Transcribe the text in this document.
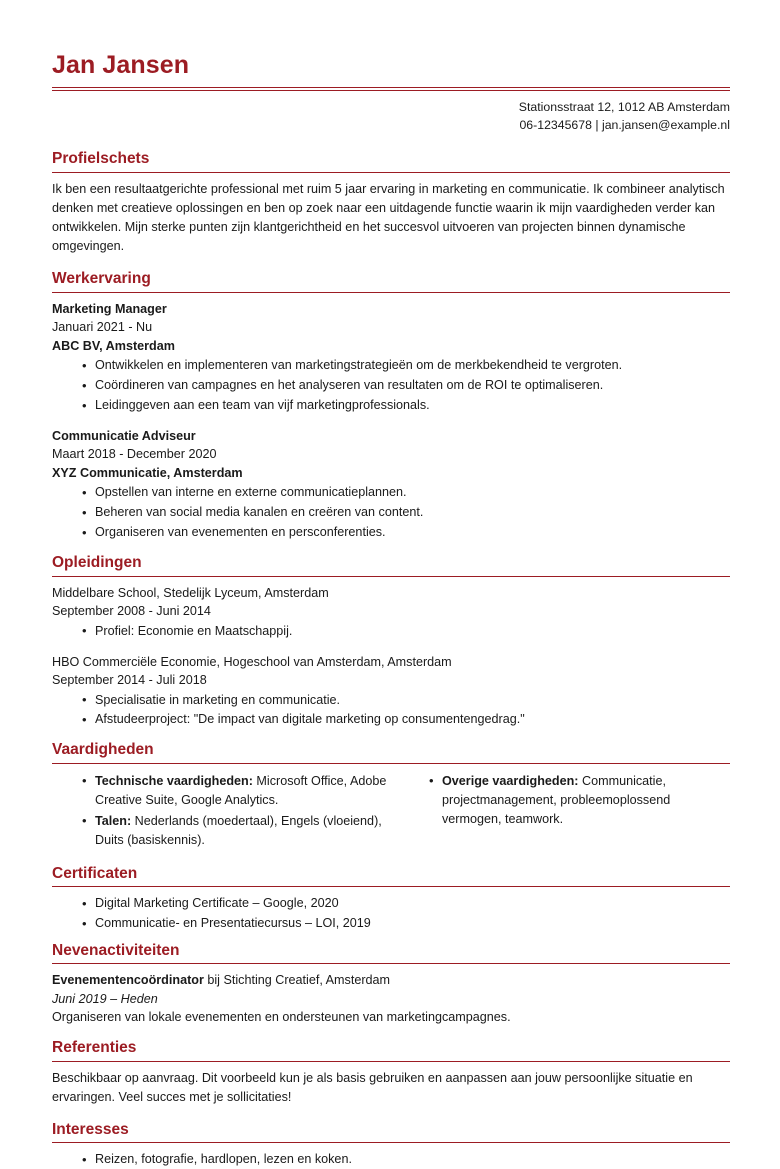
Jan Jansen
Stationsstraat 12, 1012 AB Amsterdam
06-12345678 | jan.jansen@example.nl
Profielschets

Ik ben een resultaatgerichte professional met ruim 5 jaar ervaring in marketing en communicatie. Ik combineer analytisch denken met creatieve oplossingen en ben op zoek naar een uitdagende functie waarin ik mijn vaardigheden verder kan ontwikkelen. Mijn sterke punten zijn klantgerichtheid en het succesvol uitvoeren van projecten binnen dynamische omgevingen.

Werkervaring
Marketing Manager
Januari 2021 - Nu
ABC BV, Amsterdam
• Ontwikkelen en implementeren van marketingstrategieën om de merkbekendheid te vergroten.
• Coördineren van campagnes en het analyseren van resultaten om de ROI te optimaliseren.
• Leidinggeven aan een team van vijf marketingprofessionals.
Communicatie Adviseur
Maart 2018 - December 2020
XYZ Communicatie, Amsterdam
• Opstellen van interne en externe communicatieplannen.
• Beheren van social media kanalen en creëren van content.
• Organiseren van evenementen en persconferenties.
Opleidingen
Middelbare School, Stedelijk Lyceum, Amsterdam
September 2008 - Juni 2014
• Profiel: Economie en Maatschappij.
HBO Commerciële Economie, Hogeschool van Amsterdam, Amsterdam
September 2014 - Juli 2018
• Specialisatie in marketing en communicatie.
• Afstudeerproject: "De impact van digitale marketing op consumentengedrag."
Vaardigheden
• Technische vaardigheden: Microsoft Office, Adobe Creative Suite, Google Analytics.
• Talen: Nederlands (moedertaal), Engels (vloeiend), Duits (basiskennis).
• Overige vaardigheden: Communicatie, projectmanagement, probleemoplossend vermogen, teamwork.
Certificaten
• Digital Marketing Certificate – Google, 2020
• Communicatie- en Presentatiecursus – LOI, 2019
Nevenactiviteiten
Evenementencoördinator bij Stichting Creatief, Amsterdam
Juni 2019 – Heden
Organiseren van lokale evenementen en ondersteunen van marketingcampagnes.
Referenties

Beschikbaar op aanvraag. Dit voorbeeld kun je als basis gebruiken en aanpassen aan jouw persoonlijke situatie en ervaringen. Veel succes met je sollicitaties!

Interesses
• Reizen, fotografie, hardlopen, lezen en koken.
